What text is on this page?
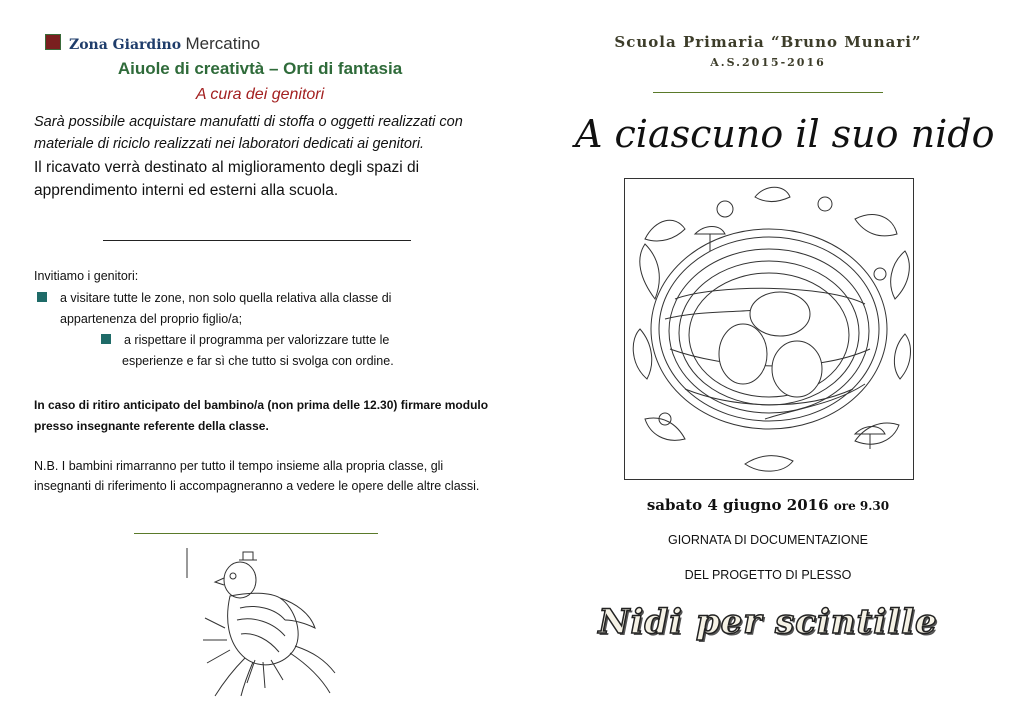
Zona Giardino Mercatino
Aiuole di creativtà – Orti di fantasia
A cura dei genitori
Sarà possibile acquistare manufatti di stoffa o oggetti realizzati con materiale di riciclo realizzati nei laboratori dedicati ai genitori.
Il ricavato verrà destinato al miglioramento degli spazi di apprendimento interni ed esterni alla scuola.
Invitiamo i genitori:
a visitare tutte le zone, non solo quella relativa alla classe di
appartenenza del proprio figlio/a;
a rispettare il programma per valorizzare tutte le
esperienze e far sì che tutto si svolga con ordine.
In caso di ritiro anticipato del bambino/a (non prima delle 12.30) firmare modulo presso insegnante referente della classe.
N.B. I bambini rimarranno per tutto il tempo insieme alla propria classe, gli insegnanti di riferimento li accompagneranno a vedere le opere delle altre classi.
Scuola Primaria “Bruno Munari”
A.S.2015-2016
A ciascuno il suo nido
sabato 4 giugno 2016 ore 9.30
GIORNATA DI DOCUMENTAZIONE
DEL PROGETTO DI PLESSO
Nidi per scintille
